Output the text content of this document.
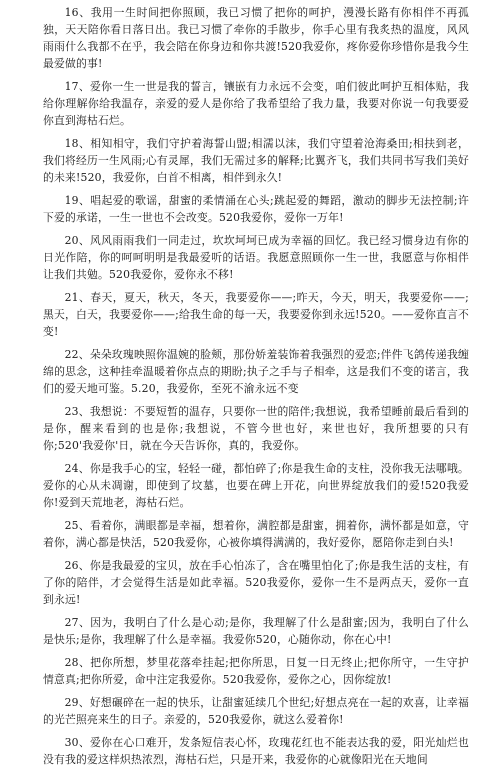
16、我用一生时间把你照顾，我已习惯了把你的呵护，漫漫长路有你相伴不再孤独，天天陪你看日落日出。我已习惯了牵你的手散步，你手心里有我炙热的温度，风风雨雨什么我都不在乎，我会陪在你身边和你共渡!520我爱你，疼你爱你珍惜你是我今生最爱做的事!

17、爱你一生一世是我的誓言，镶嵌有力永远不会变，咱们彼此呵护互相体贴，我给你理解你给我温存，亲爱的爱人是你给了我希望给了我力量，我要对你说一句我要爱你直到海枯石烂。

18、相知相守，我们守护着海誓山盟;相濡以沫，我们守望着沧海桑田;相扶到老，我们将经历一生风雨;心有灵犀，我们无需过多的解释;比翼齐飞，我们共同书写我们美好的未来!520，我爱你，白首不相离，相伴到永久!

19、唱起爱的歌谣，甜蜜的柔情涌在心头;跳起爱的舞蹈，激动的脚步无法控制;许下爱的承诺，一生一世也不会改变。520我爱你，爱你一万年!

20、风风雨雨我们一同走过，坎坎坷坷已成为幸福的回忆。我已经习惯身边有你的日光作陪，你的呵呵明明是我最爱听的话语。我愿意照顾你一生一世，我愿意与你相伴让我们共勉。520我爱你，爱你永不移!

21、春天，夏天，秋天，冬天，我要爱你——;昨天，今天，明天，我要爱你——;黑天，白天，我要爱你——;给我生命的每一天，我要爱你到永远!520。——爱你直言不变!

22、朵朵玫瑰映照你温婉的脸颊，那份娇羞装饰着我强烈的爱恋;伴件飞鸽传递我缠绵的思念，这种挂牵温暖着你点点的期盼;执子之手与子相牵，这是我们不变的诺言，我们的爱天地可鉴。5.20，我爱你，至死不渝永远不变

23、我想说：不要短暂的温存，只要你一世的陪伴;我想说，我希望睡前最后看到的是你，醒来看到的也是你;我想说，不管今世也好，来世也好，我所想要的只有你;520'我爱你'日，就在今天告诉你，真的，我爱你。

24、你是我手心的宝，轻轻一碰，都怕碎了;你是我生命的支柱，没你我无法哪哦。爱你的心从未凋谢，即使到了坟墓，也要在碑上开花，向世界绽放我们的爱!520我爱你!爱到天荒地老，海枯石烂。

25、看着你，满眼都是幸福，想着你，满腔都是甜蜜，拥着你，满怀都是如意，守着你，满心都是快活，520我爱你，心被你填得满满的，我好爱你，愿陪你走到白头!

26、你是我最爱的宝贝，放在手心怕冻了，含在嘴里怕化了;你是我生活的支柱，有了你的陪伴，才会觉得生活是如此幸福。520我爱你，爱你一生不是两点天，爱你一直到永远!

27、因为，我明白了什么是心动;是你，我理解了什么是甜蜜;因为，我明白了什么是快乐;是你，我理解了什么是幸福。我爱你520，心随你动，你在心中!

28、把你所想，梦里花落牵挂起;把你所思，日复一日无终止;把你所守，一生守护情意真;把你所爱，命中注定我爱你。520我爱你，爱你之心，因你绽放!

29、好想碾碎在一起的快乐，让甜蜜延续几个世纪;好想点亮在一起的欢喜，让幸福的光芒照亮来生的日子。亲爱的，520我爱你，就这么爱着你!

30、爱你在心口难开，发条短信表心怀，玫瑰花红也不能表达我的爱，阳光灿烂也没有我的爱这样炽热浓烈，海枯石烂，只是开来，我爱你的心就像阳光在天地间
